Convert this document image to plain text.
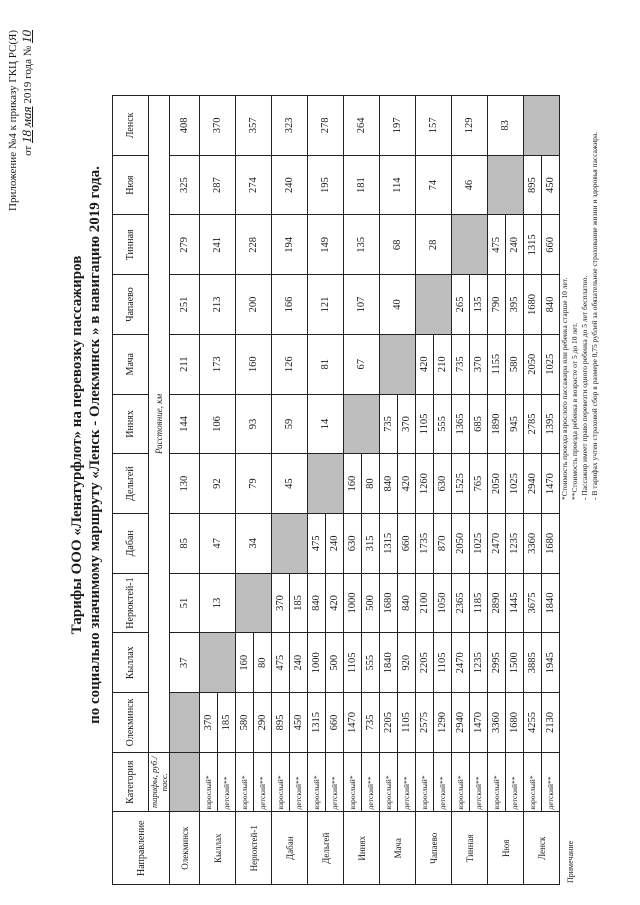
Приложение №4 к приказу ГКЦ РС(Я) от 18 мая 2019 года № 10
Тарифы ООО «Ленатурфлот» на перевозку пассажиров по социально значимому маршруту «Ленск - Олекминск » в навигацию 2019 года.
Направление	Категория	Олекминск	Кыллах	Нерюктей-1	Дабан	Дельгей	Иннях	Мача	Чапаево	Тинная	Нюя	Ленск
	тарифы, руб./пасс.	Расстояние, км										
Олекминск			37	51	85	130	144	211	251	279	325	408
Кыллах	взрослый*	370		13	47	92	106	173	213	241	287	370
	детский**	185										
Нерюктей-1	взрослый*	580	160		34	79	93	160	200	228	274	357
	детский**	290	80									
Дабан	взрослый*	895	475	370		45	59	126	166	194	240	323
	детский**	450	240	185								
Дельгей	взрослый*	1315	1000	840	475		14	81	121	149	195	278
	детский**	660	500	420	240							
Иннях	взрослый*	1470	1105	1000	630	160		67	107	135	181	264
	детский**	735	555	500	315	80						
Мача	взрослый*	2205	1840	1680	1315	840	735		40	68	114	197
	детский**	1105	920	840	660	420	370					
Чапаево	взрослый*	2575	2205	2100	1735	1260	1105	420		28	74	157
	детский**	1290	1105	1050	870	630	555	210				
Тинная	взрослый*	2940	2470	2365	2050	1525	1365	735	265		46	129
	детский**	1470	1235	1185	1025	765	685	370	135			
Нюя	взрослый*	3360	2995	2890	2470	2050	1890	1155	790	475		83
	детский**	1680	1500	1445	1235	1025	945	580	395	240		
Ленск	взрослый*	4255	3885	3675	3360	2940	2785	2050	1680	1315	895	
	детский**	2130	1945	1840	1680	1470	1395	1025	840	660	450	
Примечание
*Стоимость проезда взрослого пассажира или ребенка старше 10 лет. **Стоимость проезда ребенка в возрасте от 5 до 10 лет. - Пассажир имеет право перевезти одного ребенка до 5 лет бесплатно. - В тарифах учтен страховой сбор в размере 0,75 рублей за обязательное страхование жизни и здоровья пассажира.
